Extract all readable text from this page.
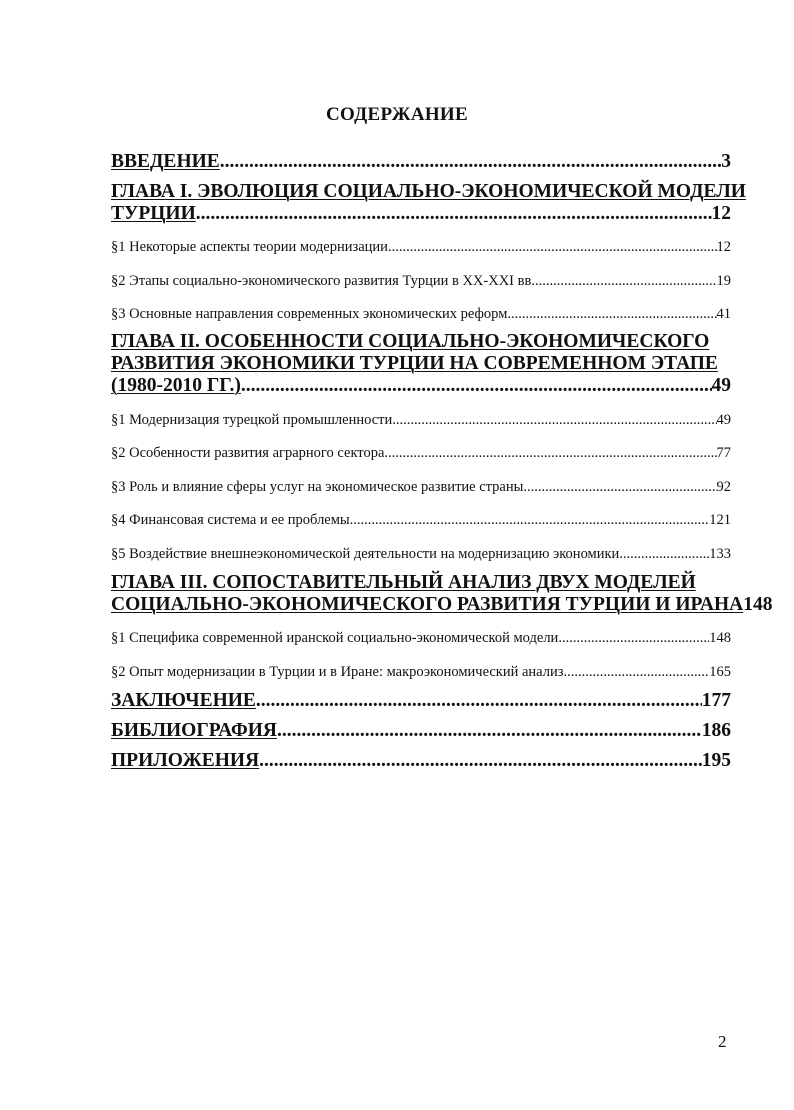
СОДЕРЖАНИЕ
ВВЕДЕНИЕ .....	3
ГЛАВА I. ЭВОЛЮЦИЯ СОЦИАЛЬНО-ЭКОНОМИЧЕСКОЙ МОДЕЛИ
ТУРЦИИ .....	12
§1 Некоторые аспекты теории модернизации .....	12
§2 Этапы социально-экономического развития Турции в XX-XXI вв. .....	19
§3 Основные направления современных экономических реформ .....	41
ГЛАВА II. ОСОБЕННОСТИ СОЦИАЛЬНО-ЭКОНОМИЧЕСКОГО
РАЗВИТИЯ ЭКОНОМИКИ ТУРЦИИ НА СОВРЕМЕННОМ ЭТАПЕ
(1980-2010 ГГ.) .....	49
§1 Модернизация турецкой промышленности .....	49
§2 Особенности развития аграрного сектора .....	77
§3 Роль и влияние сферы услуг на экономическое развитие страны .....	92
§4 Финансовая система и ее проблемы .....	121
§5 Воздействие внешнеэкономической деятельности на модернизацию экономики .....	133
ГЛАВА III. СОПОСТАВИТЕЛЬНЫЙ АНАЛИЗ ДВУХ МОДЕЛЕЙ
СОЦИАЛЬНО-ЭКОНОМИЧЕСКОГО РАЗВИТИЯ ТУРЦИИ И ИРАНА 148
§1 Специфика современной иранской социально-экономической модели .....	148
§2 Опыт модернизации в Турции и в Иране: макроэкономический анализ .....	165
ЗАКЛЮЧЕНИЕ .....	177
БИБЛИОГРАФИЯ .....	186
ПРИЛОЖЕНИЯ .....	195
2
